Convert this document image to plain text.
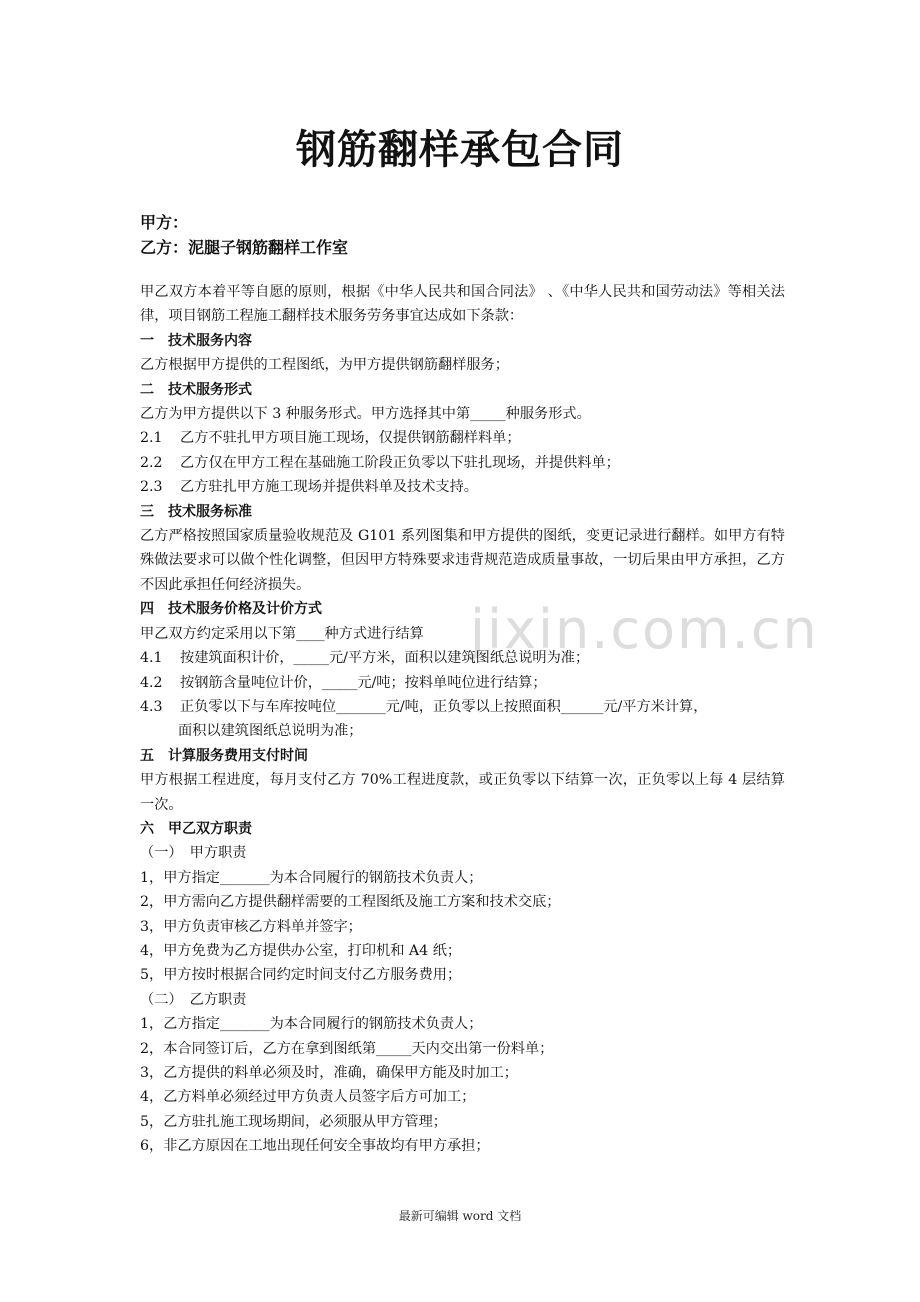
钢筋翻样承包合同
甲方：
乙方：泥腿子钢筋翻样工作室
jixin.com.cn
甲乙双方本着平等自愿的原则，根据《中华人民共和国合同法》 、《中华人民共和国劳动法》等相关法律，项目钢筋工程施工翻样技术服务劳务事宜达成如下条款：
一　技术服务内容
乙方根据甲方提供的工程图纸，为甲方提供钢筋翻样服务；
二　技术服务形式
乙方为甲方提供以下 3 种服务形式。甲方选择其中第_____种服务形式。
2.1 乙方不驻扎甲方项目施工现场，仅提供钢筋翻样料单；
2.2 乙方仅在甲方工程在基础施工阶段正负零以下驻扎现场，并提供料单；
2.3 乙方驻扎甲方施工现场并提供料单及技术支持。
三　技术服务标准
乙方严格按照国家质量验收规范及 G101 系列图集和甲方提供的图纸，变更记录进行翻样。如甲方有特殊做法要求可以做个性化调整，但因甲方特殊要求违背规范造成质量事故，一切后果由甲方承担，乙方不因此承担任何经济损失。
四　技术服务价格及计价方式
甲乙双方约定采用以下第____种方式进行结算
4.1 按建筑面积计价，_____元/平方米，面积以建筑图纸总说明为准；
4.2 按钢筋含量吨位计价，_____元/吨；按料单吨位进行结算；
4.3 正负零以下与车库按吨位_______元/吨，正负零以上按照面积______元/平方米计算，
面积以建筑图纸总说明为准；
五　计算服务费用支付时间
甲方根据工程进度，每月支付乙方 70%工程进度款，或正负零以下结算一次，正负零以上每 4 层结算一次。
六　甲乙双方职责
（一）　甲方职责
1，甲方指定_______为本合同履行的钢筋技术负责人；
2，甲方需向乙方提供翻样需要的工程图纸及施工方案和技术交底；
3，甲方负责审核乙方料单并签字；
4，甲方免费为乙方提供办公室，打印机和 A4 纸；
5，甲方按时根据合同约定时间支付乙方服务费用；
（二）　乙方职责
1，乙方指定_______为本合同履行的钢筋技术负责人；
2，本合同签订后，乙方在拿到图纸第_____天内交出第一份料单；
3，乙方提供的料单必须及时，准确，确保甲方能及时加工；
4，乙方料单必须经过甲方负责人员签字后方可加工；
5，乙方驻扎施工现场期间，必须服从甲方管理；
6，非乙方原因在工地出现任何安全事故均有甲方承担；
最新可编辑 word 文档
